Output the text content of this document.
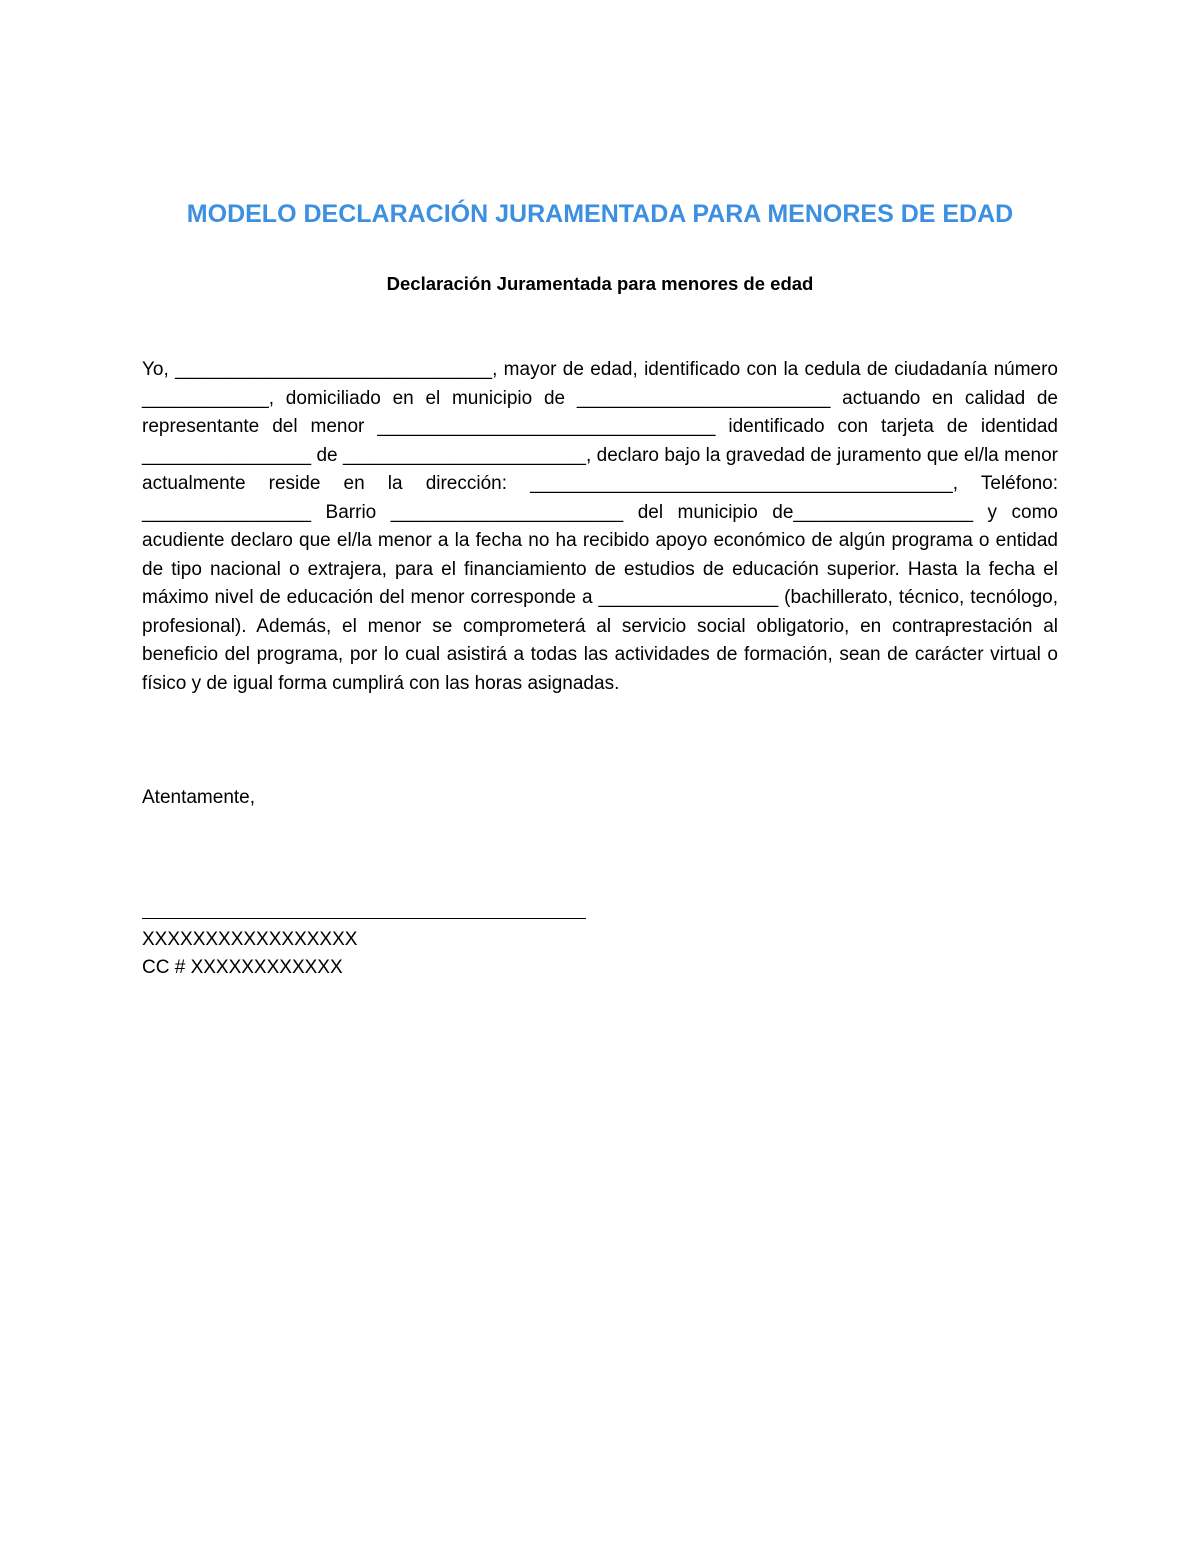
MODELO DECLARACIÓN JURAMENTADA PARA MENORES DE EDAD
Declaración Juramentada para menores de edad

Yo, ______________________________, mayor de edad, identificado con la cedula de ciudadanía número ____________, domiciliado en el municipio de ________________________ actuando en calidad de representante del menor ________________________________ identificado con tarjeta de identidad ________________ de _______________________, declaro bajo la gravedad de juramento que el/la menor actualmente reside en la dirección: ________________________________________, Teléfono: ________________ Barrio ______________________ del municipio de_________________ y como acudiente declaro que el/la menor a la fecha no ha recibido apoyo económico de algún programa o entidad de tipo nacional o extrajera, para el financiamiento de estudios de educación superior. Hasta la fecha el máximo nivel de educación del menor corresponde a _________________ (bachillerato, técnico, tecnólogo, profesional). Además, el menor se comprometerá al servicio social obligatorio, en contraprestación al beneficio del programa, por lo cual asistirá a todas las actividades de formación, sean de carácter virtual o físico y de igual forma cumplirá con las horas asignadas.

Atentamente,

XXXXXXXXXXXXXXXXX

CC # XXXXXXXXXXXX
